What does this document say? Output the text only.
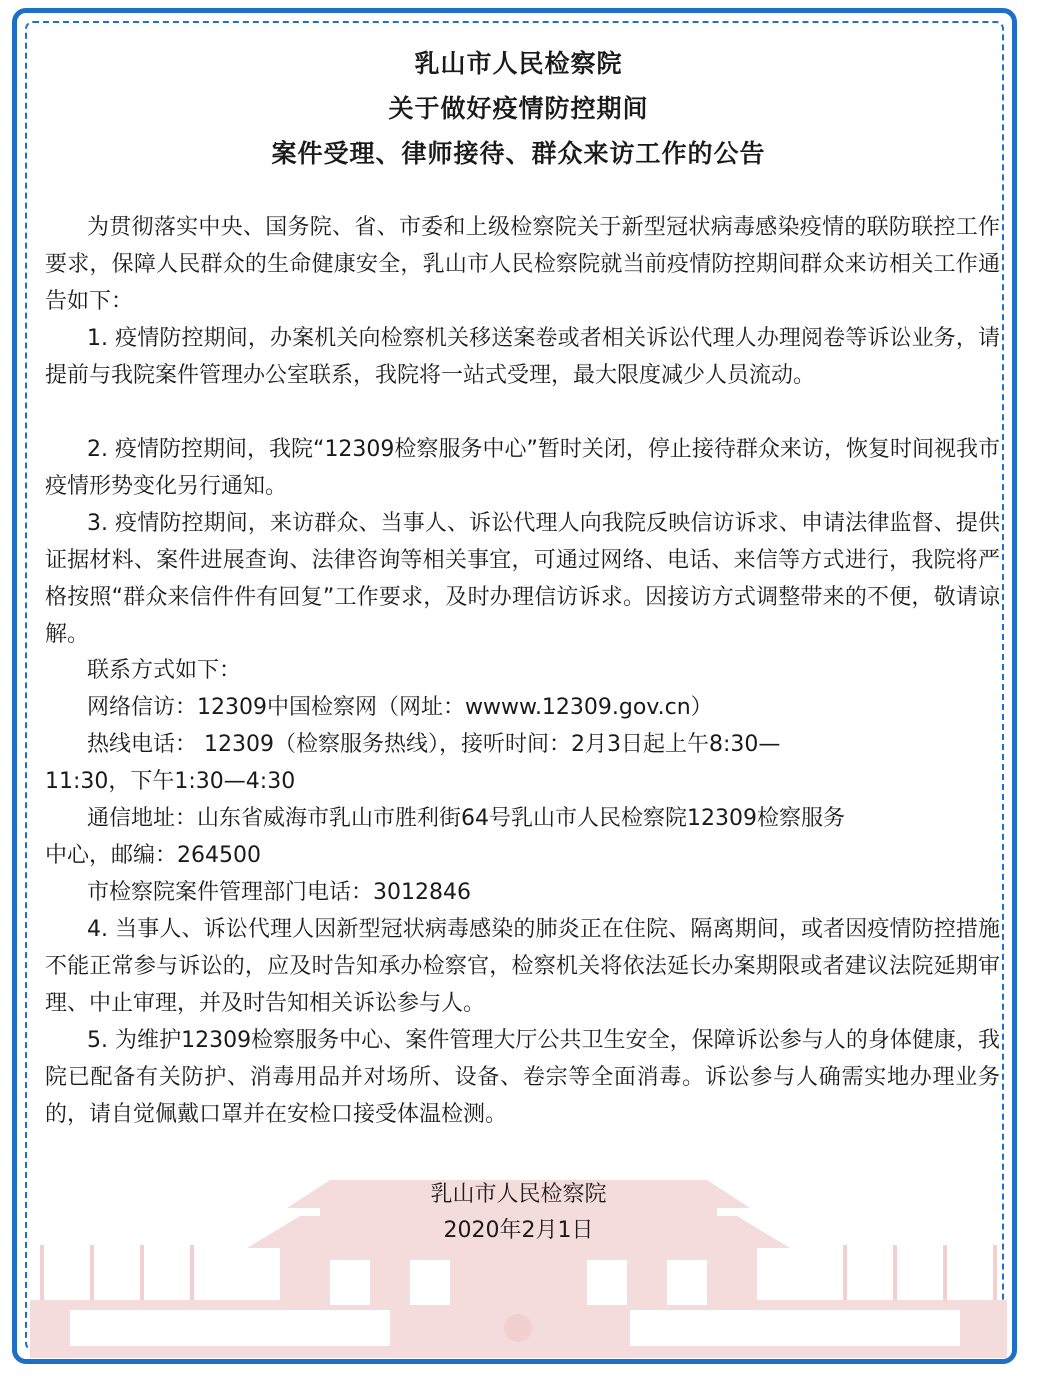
乳山市人民检察院
关于做好疫情防控期间
案件受理、律师接待、群众来访工作的公告
为贯彻落实中央、国务院、省、市委和上级检察院关于新型冠状病毒感染疫情的联防联控工作要求，保障人民群众的生命健康安全，乳山市人民检察院就当前疫情防控期间群众来访相关工作通告如下：
1. 疫情防控期间，办案机关向检察机关移送案卷或者相关诉讼代理人办理阅卷等诉讼业务，请提前与我院案件管理办公室联系，我院将一站式受理，最大限度减少人员流动。
2. 疫情防控期间，我院“12309检察服务中心”暂时关闭，停止接待群众来访，恢复时间视我市疫情形势变化另行通知。
3. 疫情防控期间，来访群众、当事人、诉讼代理人向我院反映信访诉求、申请法律监督、提供证据材料、案件进展查询、法律咨询等相关事宜，可通过网络、电话、来信等方式进行，我院将严格按照“群众来信件件有回复”工作要求，及时办理信访诉求。因接访方式调整带来的不便，敬请谅解。
联系方式如下：
网络信访：12309中国检察网（网址：wwww.12309.gov.cn）
热线电话： 12309（检察服务热线），接听时间：2月3日起上午8:30—
11:30，下午1:30—4:30
通信地址：山东省威海市乳山市胜利街64号乳山市人民检察院12309检察服务
中心，邮编：264500
市检察院案件管理部门电话：3012846
4. 当事人、诉讼代理人因新型冠状病毒感染的肺炎正在住院、隔离期间，或者因疫情防控措施不能正常参与诉讼的，应及时告知承办检察官，检察机关将依法延长办案期限或者建议法院延期审理、中止审理，并及时告知相关诉讼参与人。
5. 为维护12309检察服务中心、案件管理大厅公共卫生安全，保障诉讼参与人的身体健康，我院已配备有关防护、消毒用品并对场所、设备、卷宗等全面消毒。诉讼参与人确需实地办理业务的，请自觉佩戴口罩并在安检口接受体温检测。
乳山市人民检察院
2020年2月1日
